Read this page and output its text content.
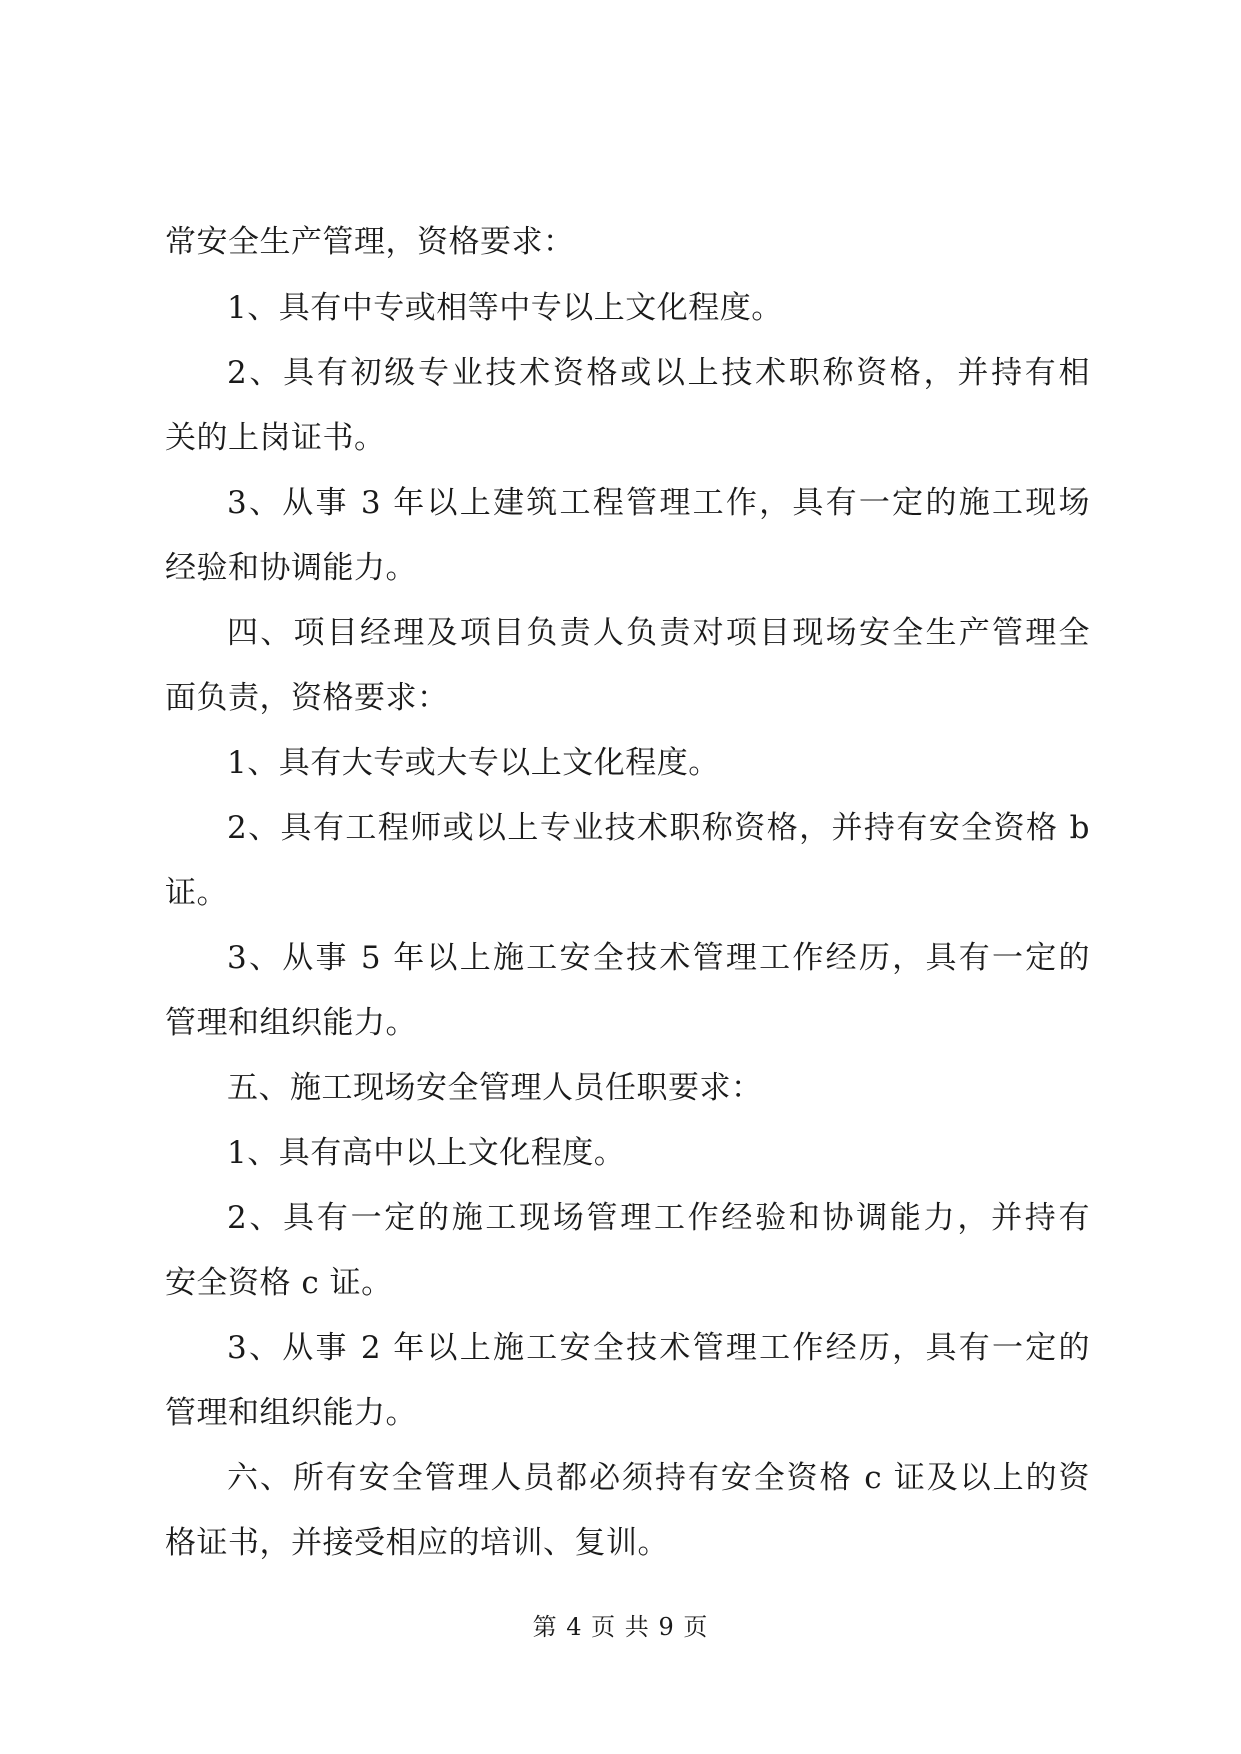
常安全生产管理，资格要求：
1、具有中专或相等中专以上文化程度。
2、具有初级专业技术资格或以上技术职称资格，并持有相
关的上岗证书。
3、从事 3 年以上建筑工程管理工作，具有一定的施工现场
经验和协调能力。
四、项目经理及项目负责人负责对项目现场安全生产管理全
面负责，资格要求：
1、具有大专或大专以上文化程度。
2、具有工程师或以上专业技术职称资格，并持有安全资格 b
证。
3、从事 5 年以上施工安全技术管理工作经历，具有一定的
管理和组织能力。
五、施工现场安全管理人员任职要求：
1、具有高中以上文化程度。
2、具有一定的施工现场管理工作经验和协调能力，并持有
安全资格 c 证。
3、从事 2 年以上施工安全技术管理工作经历，具有一定的
管理和组织能力。
六、所有安全管理人员都必须持有安全资格 c 证及以上的资
格证书，并接受相应的培训、复训。
第 4 页 共 9 页
